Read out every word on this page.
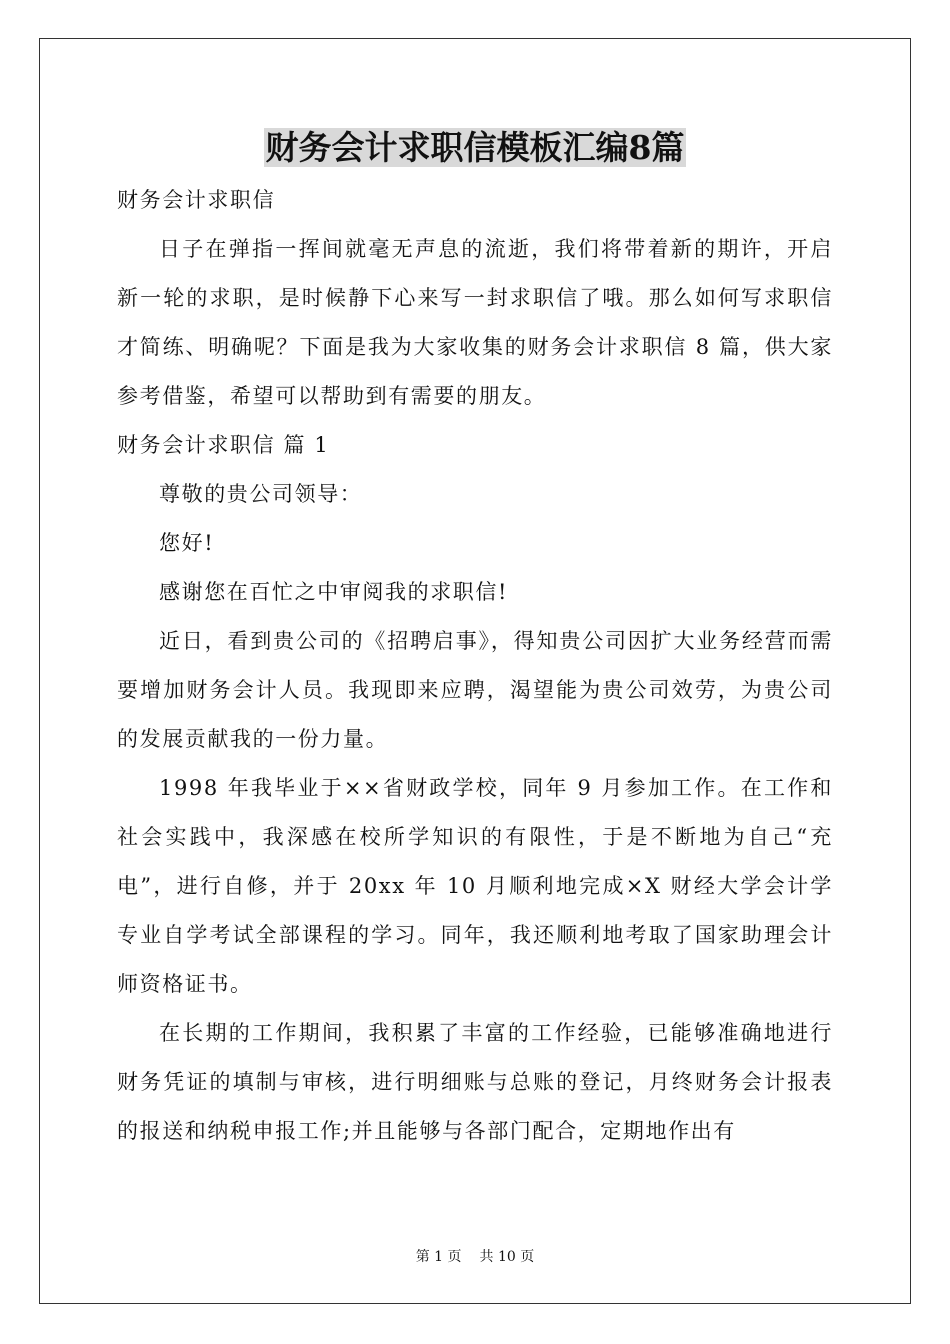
财务会计求职信模板汇编8篇

财务会计求职信

日子在弹指一挥间就毫无声息的流逝，我们将带着新的期许，开启新一轮的求职，是时候静下心来写一封求职信了哦。那么如何写求职信才简练、明确呢？下面是我为大家收集的财务会计求职信 8 篇，供大家参考借鉴，希望可以帮助到有需要的朋友。

财务会计求职信 篇 1

尊敬的贵公司领导：

您好!

感谢您在百忙之中审阅我的求职信!

近日，看到贵公司的《招聘启事》，得知贵公司因扩大业务经营而需要增加财务会计人员。我现即来应聘，渴望能为贵公司效劳，为贵公司的发展贡献我的一份力量。

1998 年我毕业于××省财政学校，同年 9 月参加工作。在工作和社会实践中，我深感在校所学知识的有限性，于是不断地为自己“充电”，进行自修，并于 20xx 年 10 月顺利地完成×X 财经大学会计学专业自学考试全部课程的学习。同年，我还顺利地考取了国家助理会计师资格证书。

在长期的工作期间，我积累了丰富的工作经验，已能够准确地进行财务凭证的填制与审核，进行明细账与总账的登记，月终财务会计报表的报送和纳税申报工作;并且能够与各部门配合，定期地作出有

第 1 页 共 10 页
